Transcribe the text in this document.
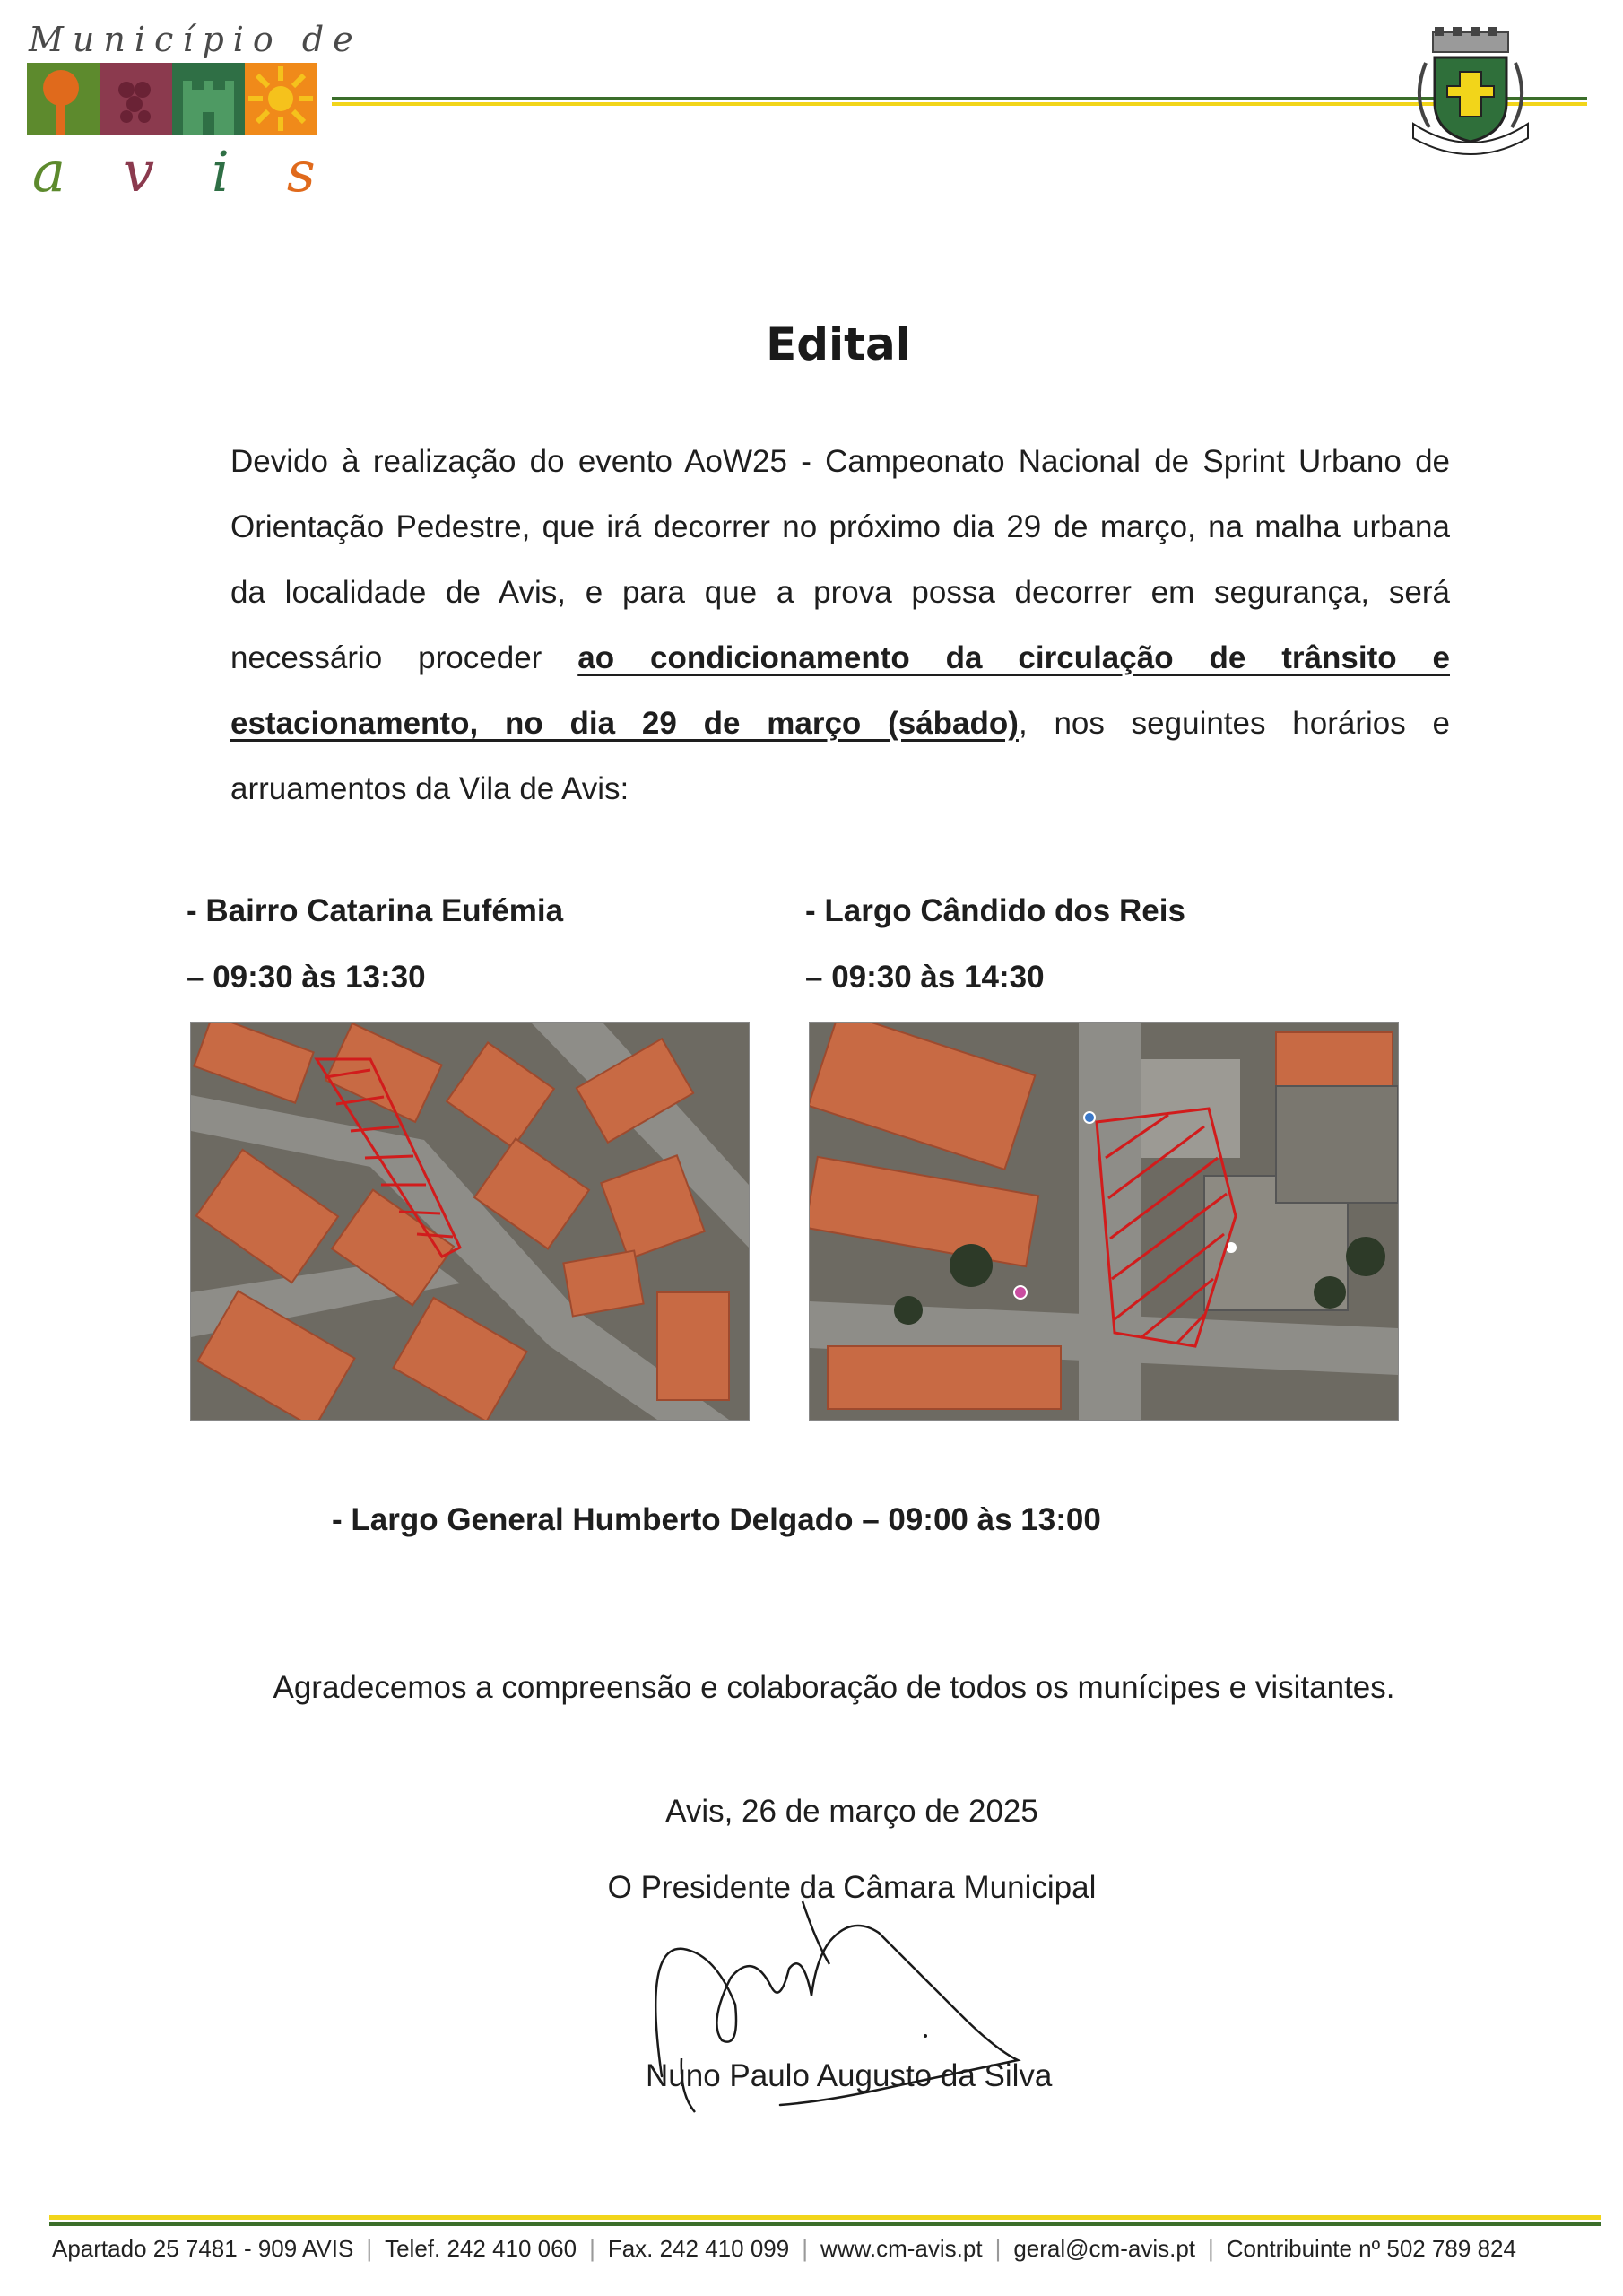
Município de
avis
Edital
Devido à realização do evento AoW25 - Campeonato Nacional de Sprint Urbano de Orientação Pedestre, que irá decorrer no próximo dia 29 de março, na malha urbana da localidade de Avis, e para que a prova possa decorrer em segurança, será necessário proceder ao condicionamento da circulação de trânsito e estacionamento, no dia 29 de março (sábado), nos seguintes horários e arruamentos da Vila de Avis:
- Bairro Catarina Eufémia
– 09:30 às 13:30
- Largo Cândido dos Reis
– 09:30 às 14:30
- Largo General Humberto Delgado – 09:00 às 13:00
Agradecemos a compreensão e colaboração de todos os munícipes e visitantes.
Avis, 26 de março de 2025
O Presidente da Câmara Municipal
Nuno Paulo Augusto da Silva
Apartado 25 7481 - 909 AVIS | Telef. 242 410 060 | Fax. 242 410 099 | www.cm-avis.pt | geral@cm-avis.pt | Contribuinte nº 502 789 824
